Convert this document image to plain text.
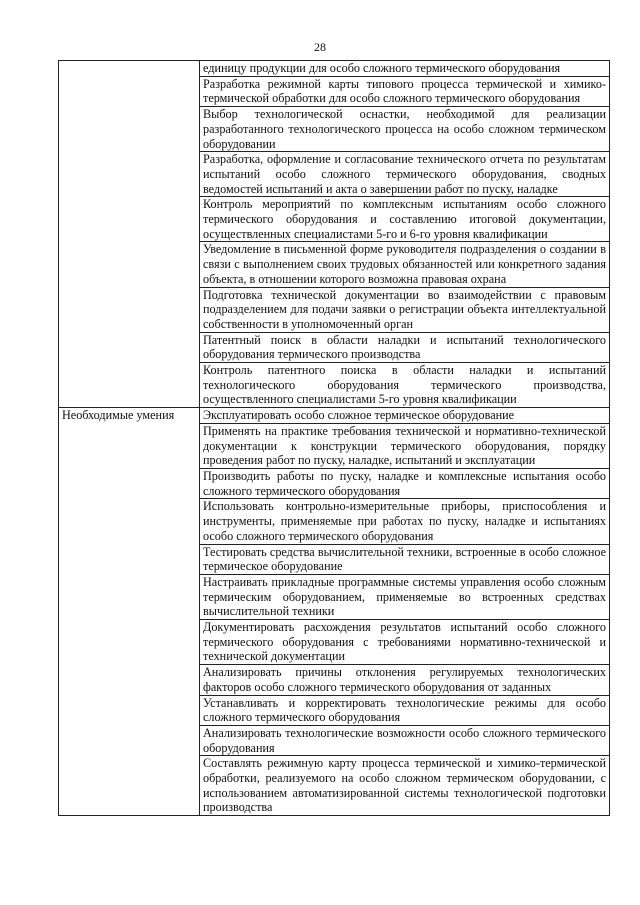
28
	единицу продукции для особо сложного термического оборудования
	Разработка режимной карты типового процесса термической и химико-термической обработки для особо сложного термического оборудования
	Выбор технологической оснастки, необходимой для реализации разработанного технологического процесса на особо сложном термическом оборудовании
	Разработка, оформление и согласование технического отчета по результатам испытаний особо сложного термического оборудования, сводных ведомостей испытаний и акта о завершении работ по пуску, наладке
	Контроль мероприятий по комплексным испытаниям особо сложного термического оборудования и составлению итоговой документации, осуществленных специалистами 5-го и 6-го уровня квалификации
	Уведомление в письменной форме руководителя подразделения о создании в связи с выполнением своих трудовых обязанностей или конкретного задания объекта, в отношении которого возможна правовая охрана
	Подготовка технической документации во взаимодействии с правовым подразделением для подачи заявки о регистрации объекта интеллектуальной собственности в уполномоченный орган
	Патентный поиск в области наладки и испытаний технологического оборудования термического производства
	Контроль патентного поиска в области наладки и испытаний технологического оборудования термического производства, осуществленного специалистами 5-го уровня квалификации
Необходимые умения	Эксплуатировать особо сложное термическое оборудование
	Применять на практике требования технической и нормативно-технической документации к конструкции термического оборудования, порядку проведения работ по пуску, наладке, испытаний и эксплуатации
	Производить работы по пуску, наладке и комплексные испытания особо сложного термического оборудования
	Использовать контрольно-измерительные приборы, приспособления и инструменты, применяемые при работах по пуску, наладке и испытаниях особо сложного термического оборудования
	Тестировать средства вычислительной техники, встроенные в особо сложное термическое оборудование
	Настраивать прикладные программные системы управления особо сложным термическим оборудованием, применяемые во встроенных средствах вычислительной техники
	Документировать расхождения результатов испытаний особо сложного термического оборудования с требованиями нормативно-технической и технической документации
	Анализировать причины отклонения регулируемых технологических факторов особо сложного термического оборудования от заданных
	Устанавливать и корректировать технологические режимы для особо сложного термического оборудования
	Анализировать технологические возможности особо сложного термического оборудования
	Составлять режимную карту процесса термической и химико-термической обработки, реализуемого на особо сложном термическом оборудовании, с использованием автоматизированной системы технологической подготовки производства
